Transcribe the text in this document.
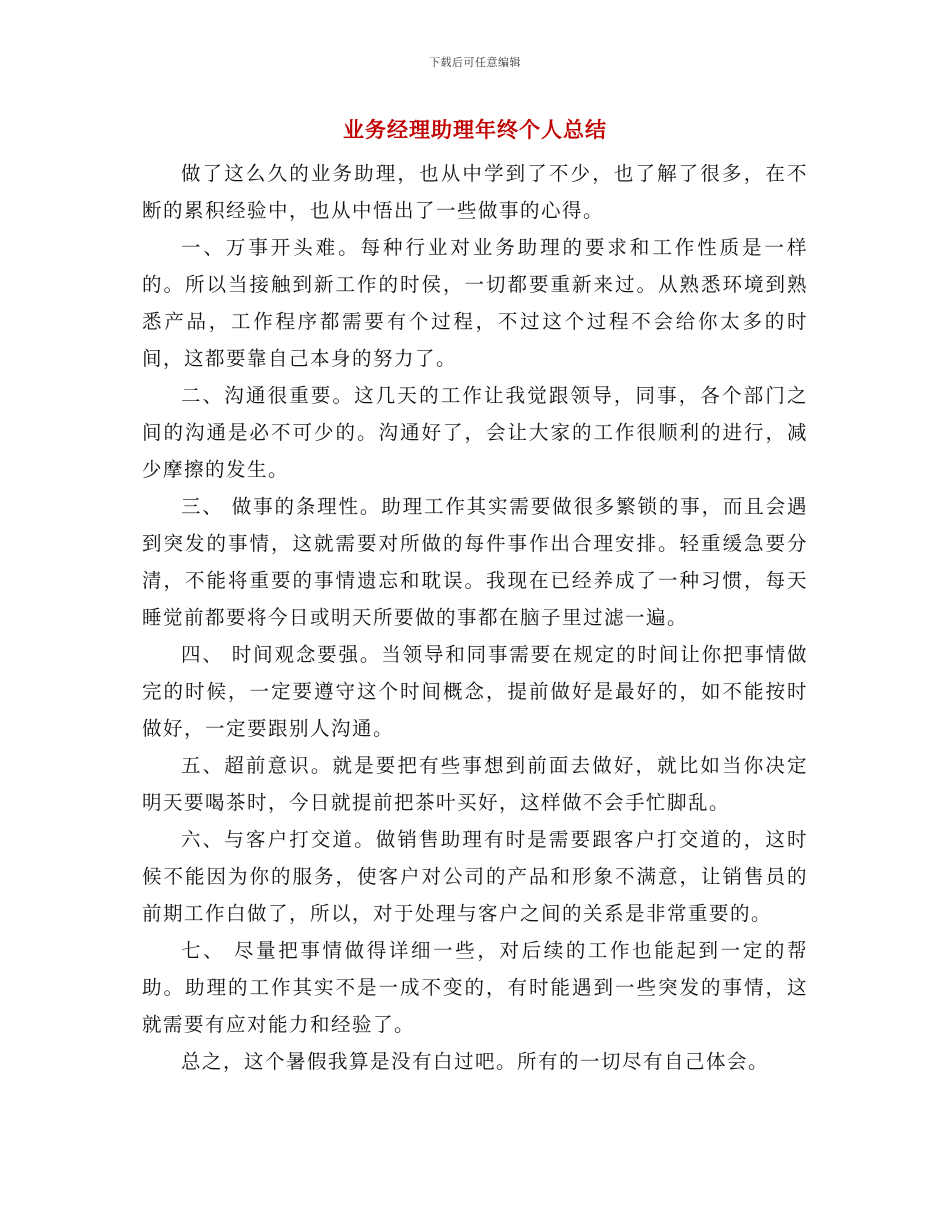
下载后可任意编辑
业务经理助理年终个人总结

做了这么久的业务助理，也从中学到了不少，也了解了很多，在不断的累积经验中，也从中悟出了一些做事的心得。

一、万事开头难。每种行业对业务助理的要求和工作性质是一样的。所以当接触到新工作的时侯，一切都要重新来过。从熟悉环境到熟悉产品，工作程序都需要有个过程，不过这个过程不会给你太多的时间，这都要靠自己本身的努力了。

二、沟通很重要。这几天的工作让我觉跟领导，同事，各个部门之间的沟通是必不可少的。沟通好了，会让大家的工作很顺利的进行，减少摩擦的发生。

三、 做事的条理性。助理工作其实需要做很多繁锁的事，而且会遇到突发的事情，这就需要对所做的每件事作出合理安排。轻重缓急要分清，不能将重要的事情遗忘和耽误。我现在已经养成了一种习惯，每天睡觉前都要将今日或明天所要做的事都在脑子里过滤一遍。

四、 时间观念要强。当领导和同事需要在规定的时间让你把事情做完的时候，一定要遵守这个时间概念，提前做好是最好的，如不能按时做好，一定要跟别人沟通。

五、超前意识。就是要把有些事想到前面去做好，就比如当你决定明天要喝茶时，今日就提前把茶叶买好，这样做不会手忙脚乱。

六、与客户打交道。做销售助理有时是需要跟客户打交道的，这时候不能因为你的服务，使客户对公司的产品和形象不满意，让销售员的前期工作白做了，所以，对于处理与客户之间的关系是非常重要的。

七、 尽量把事情做得详细一些，对后续的工作也能起到一定的帮助。助理的工作其实不是一成不变的，有时能遇到一些突发的事情，这就需要有应对能力和经验了。

总之，这个暑假我算是没有白过吧。所有的一切尽有自己体会。
